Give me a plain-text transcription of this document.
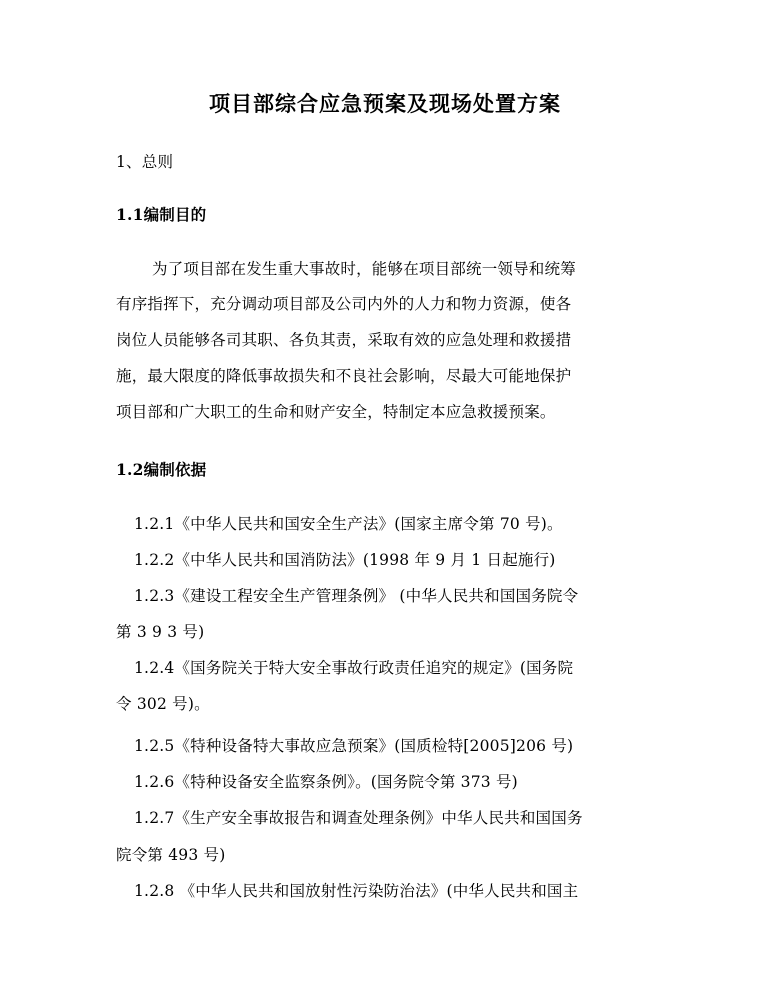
项目部综合应急预案及现场处置方案
1、总则
1.1编制目的
为了项目部在发生重大事故时，能够在项目部统一领导和统筹
有序指挥下，充分调动项目部及公司内外的人力和物力资源，使各
岗位人员能够各司其职、各负其责，采取有效的应急处理和救援措
施，最大限度的降低事故损失和不良社会影响，尽最大可能地保护
项目部和广大职工的生命和财产安全，特制定本应急救援预案。
1.2编制依据
1.2.1《中华人民共和国安全生产法》(国家主席令第 70 号)。
1.2.2《中华人民共和国消防法》(1998 年 9 月 1 日起施行)
1.2.3《建设工程安全生产管理条例》 (中华人民共和国国务院令
第 3 9 3 号)
1.2.4《国务院关于特大安全事故行政责任追究的规定》(国务院
令 302 号)。
1.2.5《特种设备特大事故应急预案》(国质检特[2005]206 号)
1.2.6《特种设备安全监察条例》。(国务院令第 373 号)
1.2.7《生产安全事故报告和调查处理条例》中华人民共和国国务
院令第 493 号)
1.2.8 《中华人民共和国放射性污染防治法》(中华人民共和国主
